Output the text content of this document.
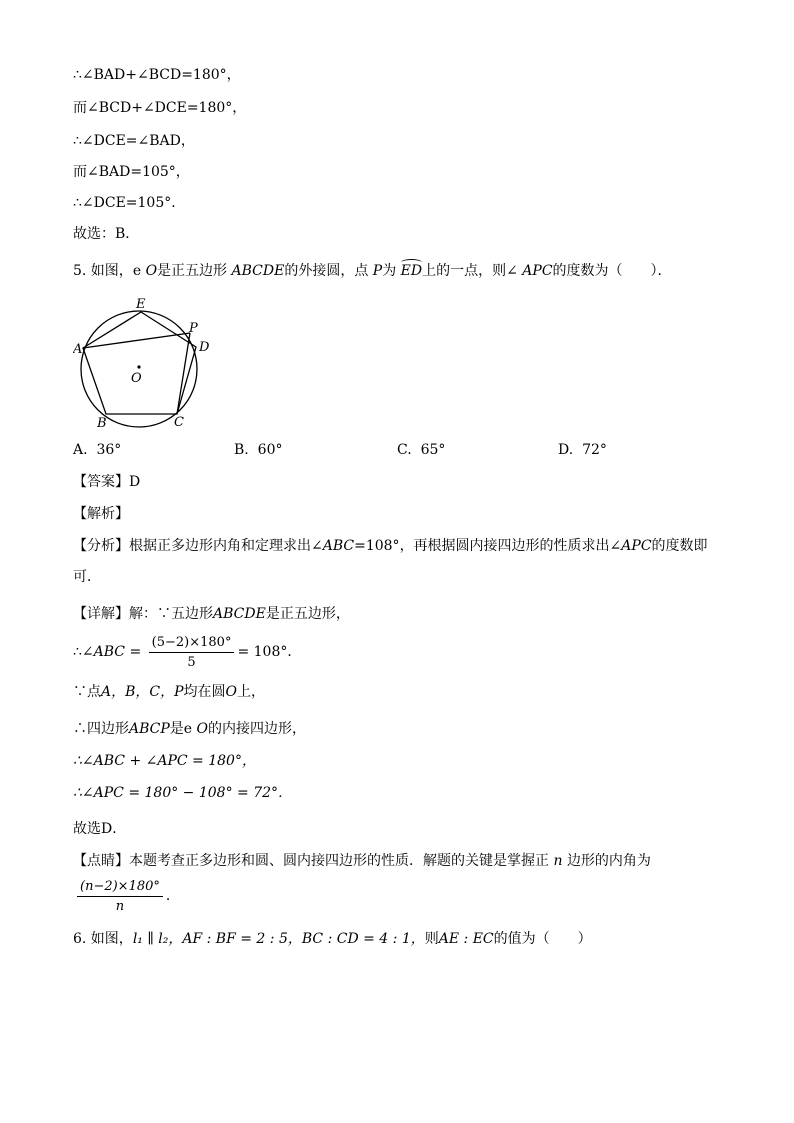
∴∠BAD+∠BCD=180°，
而∠BCD+∠DCE=180°，
∴∠DCE=∠BAD，
而∠BAD=105°，
∴∠DCE=105°．
故选：B．
5. 如图，e O是正五边形 ABCDE的外接圆，点 P为 ED上的一点，则∠ APC的度数为（　　）．
E
P
D
A
O
B	C
A. 36°	B. 60°	C. 65°	D. 72°
【答案】D
【解析】
【分析】根据正多边形内角和定理求出∠ABC=108°，再根据圆内接四边形的性质求出∠APC的度数即
可．
【详解】解：∵五边形ABCDE是正五边形，
∴∠ABC = $\frac{(5-2)\times 180^\circ}{5} = 108^\circ$．
∵点A，B，C，P均在圆O上，
∴四边形ABCP是e O的内接四边形，
∴∠ABC + ∠APC = 180°，
∴∠APC = 180° − 108° = 72°．
故选D．
【点睛】本题考查正多边形和圆、圆内接四边形的性质．解题的关键是掌握正 n 边形的内角为
$\frac{(n-2)\times 180^\circ}{n}$ ．
6. 如图，l₁ ∥ l₂，AF : BF = 2 : 5，BC : CD = 4 : 1，则AE : EC的值为（　　）
